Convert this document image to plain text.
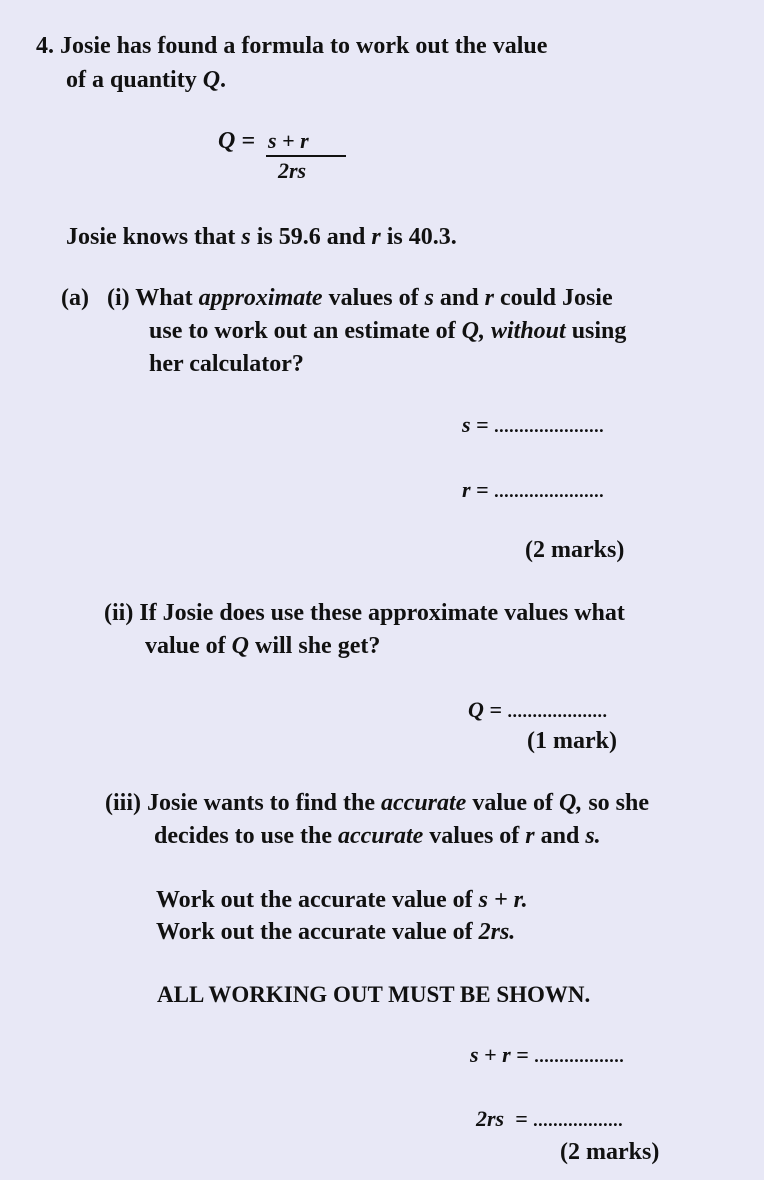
4. Josie has found a formula to work out the value
of a quantity Q.
Q = s + r
2rs
Josie knows that s is 59.6 and r is 40.3.
(a)   (i) What approximate values of s and r could Josie
use to work out an estimate of Q, without using
her calculator?
s = ......................
r = ......................
(2 marks)
(ii) If Josie does use these approximate values what
value of Q will she get?
Q = ....................
(1 mark)
(iii) Josie wants to find the accurate value of Q, so she
decides to use the accurate values of r and s.
Work out the accurate value of s + r.
Work out the accurate value of 2rs.
ALL WORKING OUT MUST BE SHOWN.
s + r = ..................
2rs  = ..................
(2 marks)
